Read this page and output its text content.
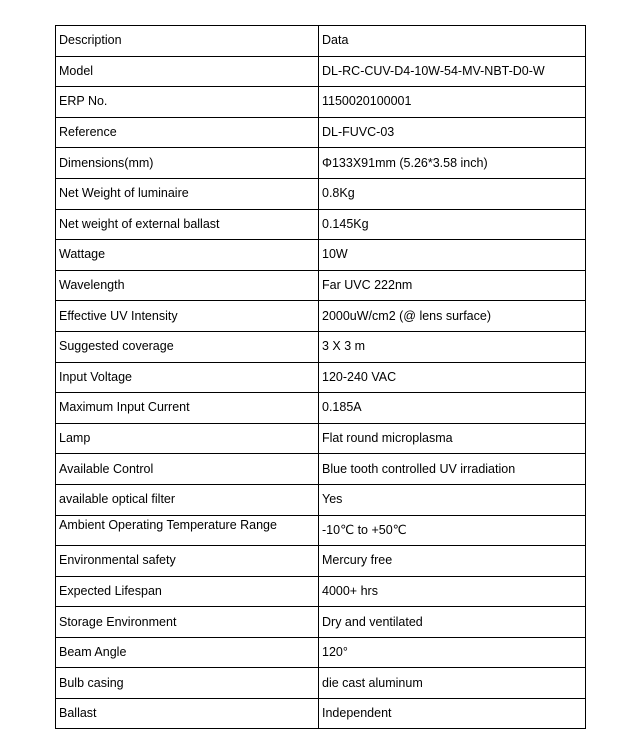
Description	Data
Model	DL-RC-CUV-D4-10W-54-MV-NBT-D0-W
ERP No.	1150020100001
Reference	DL-FUVC-03
Dimensions(mm)	Φ133X91mm (5.26*3.58 inch)
Net Weight of luminaire	0.8Kg
Net weight of external ballast	0.145Kg
Wattage	10W
Wavelength	Far UVC 222nm
Effective UV Intensity	2000uW/cm2 (@ lens surface)
Suggested coverage	3 X 3 m
Input Voltage	120-240 VAC
Maximum Input Current	0.185A
Lamp	Flat round microplasma
Available Control	Blue tooth controlled UV irradiation
available optical filter	Yes
Ambient Operating Temperature Range	-10℃ to +50℃
Environmental safety	Mercury free
Expected Lifespan	4000+ hrs
Storage Environment	Dry and ventilated
Beam Angle	120°
Bulb casing	die cast aluminum
Ballast	Independent
